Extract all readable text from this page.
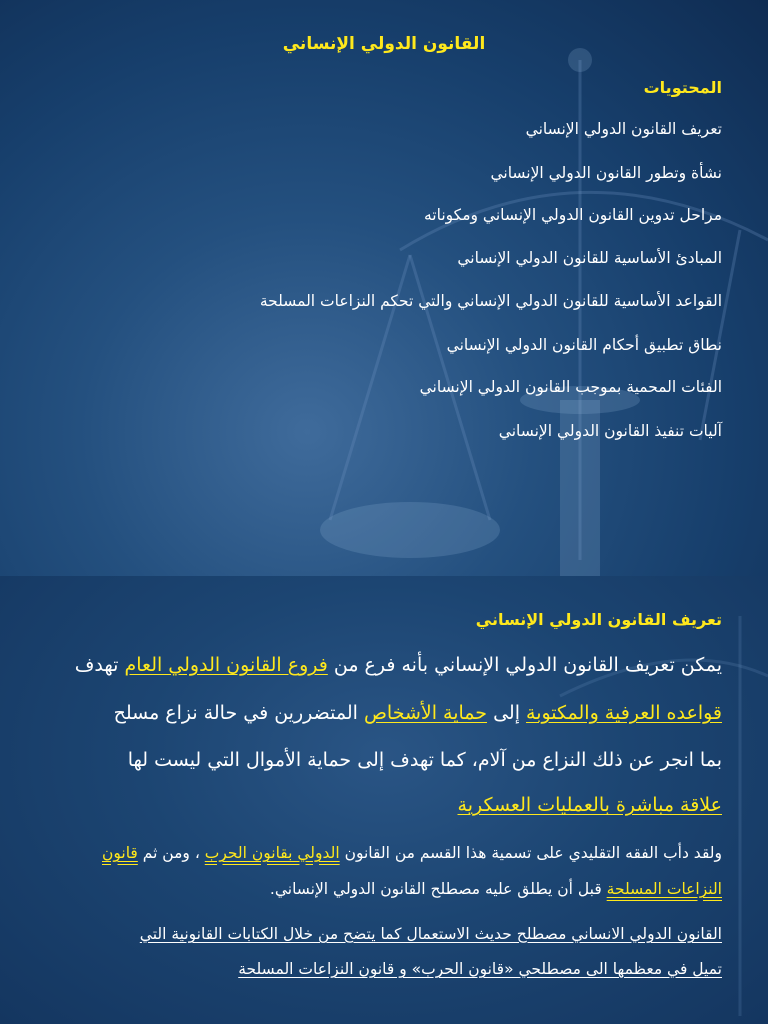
القانون الدولي الإنساني
المحتويات
تعريف القانون الدولي الإنساني
نشأة وتطور القانون الدولي الإنساني
مراحل تدوين القانون الدولي الإنساني ومكوناته
المبادئ الأساسية للقانون الدولي الإنساني
القواعد الأساسية للقانون الدولي الإنساني والتي تحكم النزاعات المسلحة
نطاق تطبيق أحكام القانون الدولي الإنساني
الفئات المحمية بموجب القانون الدولي الإنساني
آليات تنفيذ القانون الدولي الإنساني
تعريف القانون الدولي الإنساني
يمكن تعريف القانون الدولي الإنساني بأنه فرع من فروع القانون الدولي العام تهدف
قواعده العرفية والمكتوبة إلى حماية الأشخاص المتضررين في حالة نزاع مسلح
بما انجر عن ذلك النزاع من آلام، كما تهدف إلى حماية الأموال التي ليست لها
علاقة مباشرة بالعمليات العسكرية
ولقد دأب الفقه التقليدي على تسمية هذا القسم من القانون الدولي بقانون الحرب ، ومن ثم قانون
النزاعات المسلحة قبل أن يطلق عليه مصطلح القانون الدولي الإنساني.
القانون الدولي الانساني مصطلح حديث الاستعمال كما يتضح من خلال الكتابات القانونية التي
تميل في معظمها الى مصطلحي «قانون الحرب» و قانون النزاعات المسلحة
